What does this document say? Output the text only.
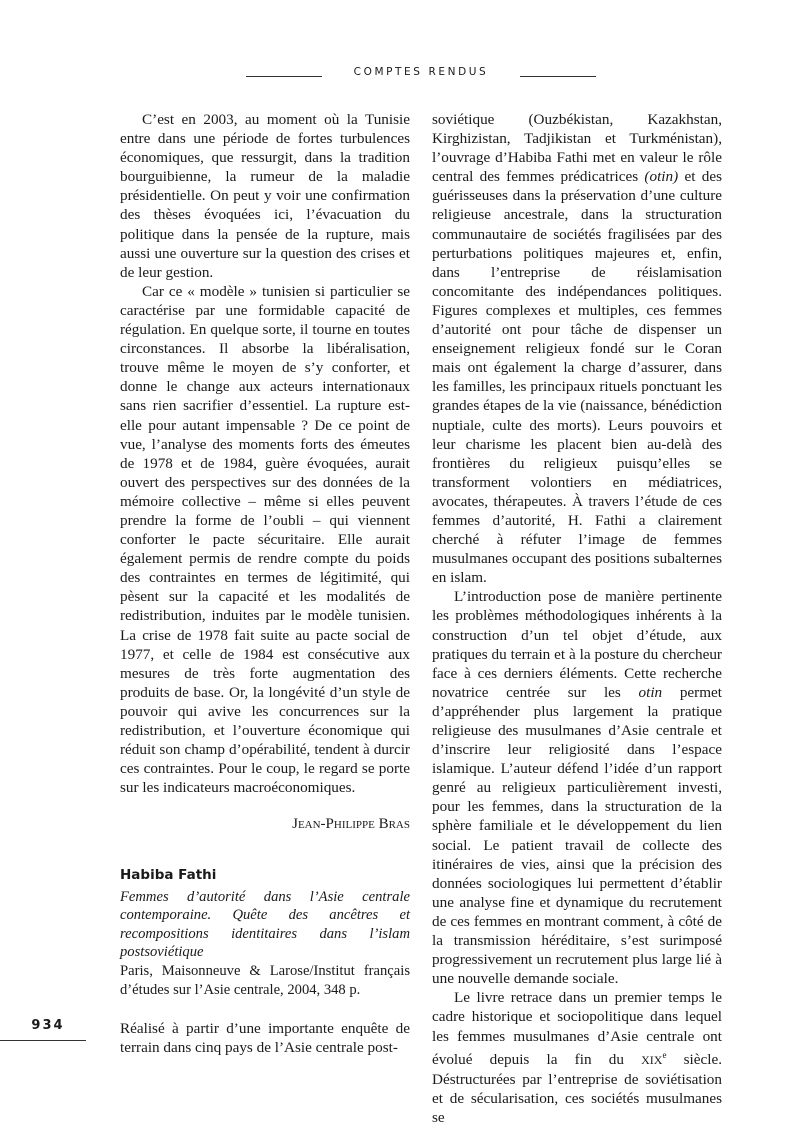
COMPTES RENDUS

C’est en 2003, au moment où la Tunisie entre dans une période de fortes turbulences économiques, que ressurgit, dans la tradition bourguibienne, la rumeur de la maladie présidentielle. On peut y voir une confirmation des thèses évoquées ici, l’évacuation du politique dans la pensée de la rupture, mais aussi une ouverture sur la question des crises et de leur gestion.

Car ce « modèle » tunisien si particulier se caractérise par une formidable capacité de régulation. En quelque sorte, il tourne en toutes circonstances. Il absorbe la libéralisation, trouve même le moyen de s’y conforter, et donne le change aux acteurs internationaux sans rien sacrifier d’essentiel. La rupture est-elle pour autant impensable ? De ce point de vue, l’analyse des moments forts des émeutes de 1978 et de 1984, guère évoquées, aurait ouvert des perspectives sur des données de la mémoire collective – même si elles peuvent prendre la forme de l’oubli – qui viennent conforter le pacte sécuritaire. Elle aurait également permis de rendre compte du poids des contraintes en termes de légitimité, qui pèsent sur la capacité et les modalités de redistribution, induites par le modèle tunisien. La crise de 1978 fait suite au pacte social de 1977, et celle de 1984 est consécutive aux mesures de très forte augmentation des produits de base. Or, la longévité d’un style de pouvoir qui avive les concurrences sur la redistribution, et l’ouverture économique qui réduit son champ d’opérabilité, tendent à durcir ces contraintes. Pour le coup, le regard se porte sur les indicateurs macroéconomiques.

Jean-Philippe Bras
Habiba Fathi
Femmes d’autorité dans l’Asie centrale contemporaine. Quête des ancêtres et recompositions identitaires dans l’islam postsoviétique
Paris, Maisonneuve & Larose/Institut français d’études sur l’Asie centrale, 2004, 348 p.

Réalisé à partir d’une importante enquête de terrain dans cinq pays de l’Asie centrale post-

soviétique (Ouzbékistan, Kazakhstan, Kirghizistan, Tadjikistan et Turkménistan), l’ouvrage d’Habiba Fathi met en valeur le rôle central des femmes prédicatrices (otin) et des guérisseuses dans la préservation d’une culture religieuse ancestrale, dans la structuration communautaire de sociétés fragilisées par des perturbations politiques majeures et, enfin, dans l’entreprise de réislamisation concomitante des indépendances politiques. Figures complexes et multiples, ces femmes d’autorité ont pour tâche de dispenser un enseignement religieux fondé sur le Coran mais ont également la charge d’assurer, dans les familles, les principaux rituels ponctuant les grandes étapes de la vie (naissance, bénédiction nuptiale, culte des morts). Leurs pouvoirs et leur charisme les placent bien au-delà des frontières du religieux puisqu’elles se transforment volontiers en médiatrices, avocates, thérapeutes. À travers l’étude de ces femmes d’autorité, H. Fathi a clairement cherché à réfuter l’image de femmes musulmanes occupant des positions subalternes en islam.

L’introduction pose de manière pertinente les problèmes méthodologiques inhérents à la construction d’un tel objet d’étude, aux pratiques du terrain et à la posture du chercheur face à ces derniers éléments. Cette recherche novatrice centrée sur les otin permet d’appréhender plus largement la pratique religieuse des musulmanes d’Asie centrale et d’inscrire leur religiosité dans l’espace islamique. L’auteur défend l’idée d’un rapport genré au religieux particulièrement investi, pour les femmes, dans la structuration de la sphère familiale et le développement du lien social. Le patient travail de collecte des itinéraires de vies, ainsi que la précision des données sociologiques lui permettent d’établir une analyse fine et dynamique du recrutement de ces femmes en montrant comment, à côté de la transmission héréditaire, s’est surimposé progressivement un recrutement plus large lié à une nouvelle demande sociale.

Le livre retrace dans un premier temps le cadre historique et sociopolitique dans lequel les femmes musulmanes d’Asie centrale ont évolué depuis la fin du XIXe siècle. Déstructurées par l’entreprise de soviétisation et de sécularisation, ces sociétés musulmanes se

934
